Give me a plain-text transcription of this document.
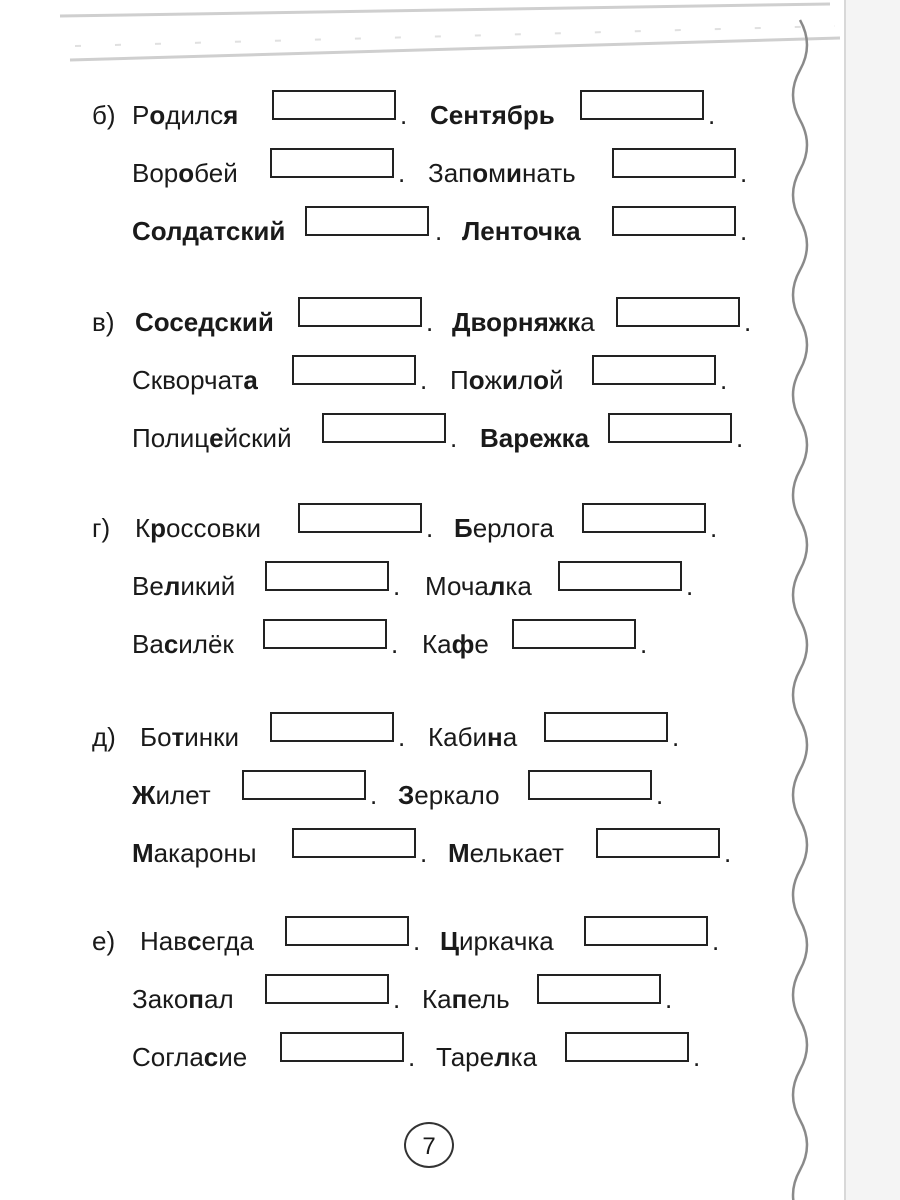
б) Родился	. Сентябрь	.
Воробей	. Запоминать	.
Солдатский	. Ленточка	.
в) Соседский	. Дворняжка	.
Скворчата	. Пожилой	.
Полицейский	. Варежка	.
г) Кроссовки	. Берлога	.
Великий	. Мочалка	.
Василёк	. Кафе	.
д) Ботинки	. Кабина	.
Жилет	. Зеркало	.
Макароны	. Мелькает	.
е) Навсегда	. Циркачка	.
Закопал	. Капель	.
Согласие	. Тарелка	.
7
